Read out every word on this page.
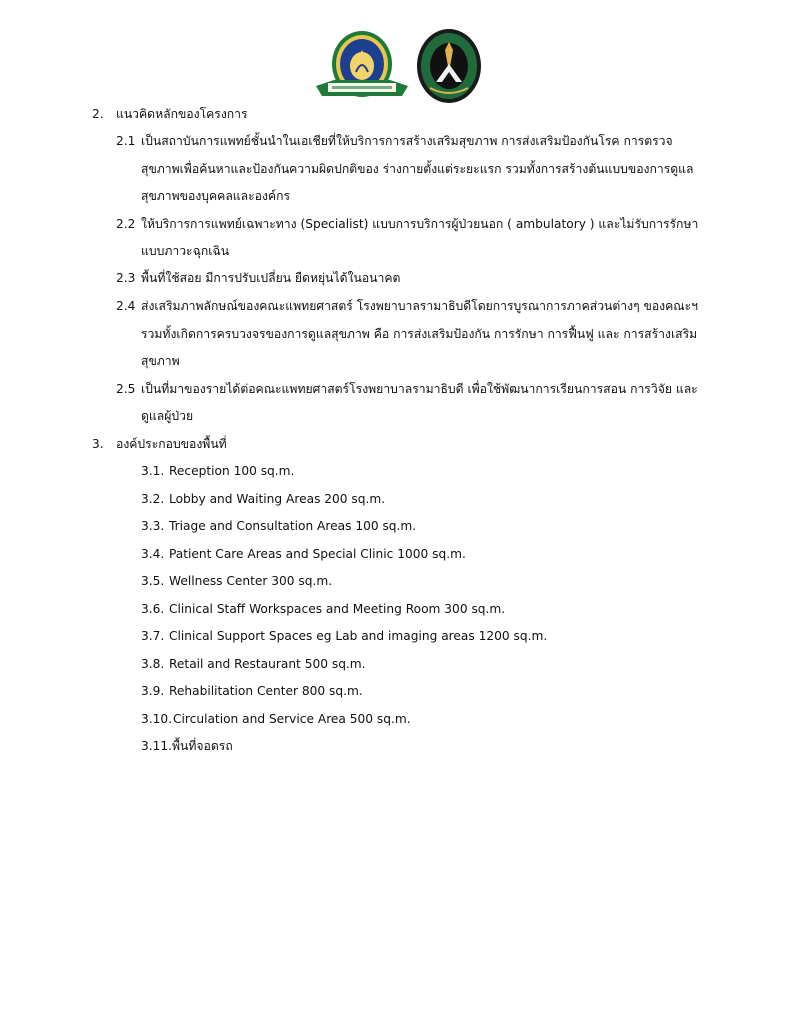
2. แนวคิดหลักของโครงการ
2.1 เป็นสถาบันการแพทย์ชั้นนำในเอเชียที่ให้บริการการสร้างเสริมสุขภาพ การส่งเสริมป้องกันโรค การตรวจ
สุขภาพเพื่อค้นหาและป้องกันความผิดปกติของ ร่างกายตั้งแต่ระยะแรก รวมทั้งการสร้างต้นแบบของการดูแล
สุขภาพของบุคคลและองค์กร
2.2 ให้บริการการแพทย์เฉพาะทาง (Specialist) แบบการบริการผู้ป่วยนอก ( ambulatory ) และไม่รับการรักษา
แบบภาวะฉุกเฉิน
2.3 พื้นที่ใช้สอย มีการปรับเปลี่ยน ยืดหยุ่นได้ในอนาคต
2.4 ส่งเสริมภาพลักษณ์ของคณะแพทยศาสตร์ โรงพยาบาลรามาธิบดีโดยการบูรณาการภาคส่วนต่างๆ ของคณะฯ
รวมทั้งเกิดการครบวงจรของการดูแลสุขภาพ คือ การส่งเสริมป้องกัน การรักษา การฟื้นฟู และ การสร้างเสริม
สุขภาพ
2.5 เป็นที่มาของรายได้ต่อคณะแพทยศาสตร์โรงพยาบาลรามาธิบดี เพื่อใช้พัฒนาการเรียนการสอน การวิจัย และ
ดูแลผู้ป่วย
3. องค์ประกอบของพื้นที่
3.1. Reception 100 sq.m.
3.2. Lobby and Waiting Areas 200 sq.m.
3.3. Triage and Consultation Areas 100 sq.m.
3.4. Patient Care Areas and Special Clinic 1000 sq.m.
3.5. Wellness Center 300 sq.m.
3.6. Clinical Staff Workspaces and Meeting Room 300 sq.m.
3.7. Clinical Support Spaces eg Lab and imaging areas 1200 sq.m.
3.8. Retail and Restaurant 500 sq.m.
3.9. Rehabilitation Center 800 sq.m.
3.10. Circulation and Service Area 500 sq.m.
3.11. พื้นที่จอดรถ
